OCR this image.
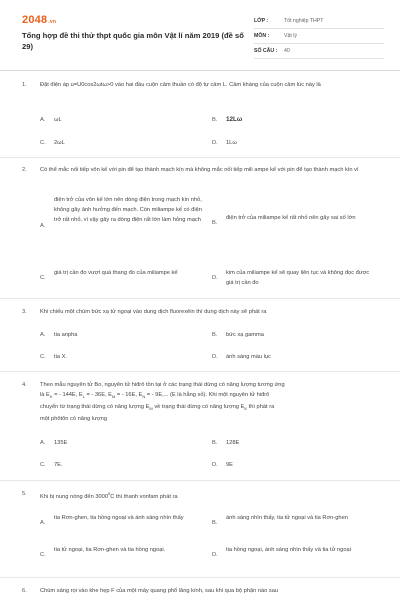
2048.vn
Tổng hợp đề thi thử thpt quốc gia môn Vật lí năm 2019 (đề số 29)
LỚP :	Tốt nghiệp THPT
MÔN :	Vật lý
SỐ CÂU :	40
1. Đặt điện áp u=U0cos2ωtω>0 vào hai đầu cuộn cảm thuần có độ tự cảm L. Cảm kháng của cuộn cảm lúc này là
A. ωL	B. 12Lω
C. 2ωL	D. 1Lω
2. Có thể mắc nối tiếp vôn kế với pin để tạo thành mạch kín mà không mắc nối tiếp mili ampe kế với pin để tạo thành mạch kín vì
A.
điện trở của vôn kế lớn nên dòng điện trong mạch kín nhỏ, không gây ảnh hưởng đến mạch. Còn miliampe kế có điện trở rất nhỏ, vì vậy gây ra dòng điện rất lớn làm hỏng mạch	B.
điện trở của miliampe kế rất nhỏ nên gây sai số lớn
C.
giá trị cần đo vượt quá thang đo của miliampe kế
D.
kim của miliampe kế sẽ quay liên tục và không đọc được giá trị cần đo
3. Khi chiếu một chùm bức xạ tử ngoại vào dung dịch fluorexêin thì dung dịch này sẽ phát ra
A. tia anpha	B. bức xạ gamma
C. tia X.	D. ánh sáng màu lục
4. Theo mẫu nguyên tử Bo, nguyên tử hiđrô tồn tại ở các trạng thái dừng có năng lượng tương ứng
là $E_K$ = - 144E, $E_L$ = - 36E, $E_M$ = - 16E, $E_N$ = - 9E,... (E là hằng số). Khi một nguyên tử hiđrô
chuyển từ trạng thái dừng có năng lượng $E_M$ về trạng thái dừng có năng lượng $E_K$ thì phát ra
một phôtôn có năng lượng
A. 135E	B. 128E
C. 7E.	D. 9E
5. Khi bị nung nóng đến 3000$^0$C thì thanh vonfam phát ra
A.
tia Rơn-ghen, tia hồng ngoại và ánh sáng nhìn thấy
B.
ánh sáng nhìn thấy, tia tử ngoại và tia Rơn-ghen
C.
tia tử ngoại, tia Rơn-ghen và tia hồng ngoại.
D.
tia hồng ngoại, ánh sáng nhìn thấy và tia tử ngoại
6. Chùm sáng rọi vào khe hẹp F của một máy quang phổ lăng kính, sau khi qua bộ phận nào sau
